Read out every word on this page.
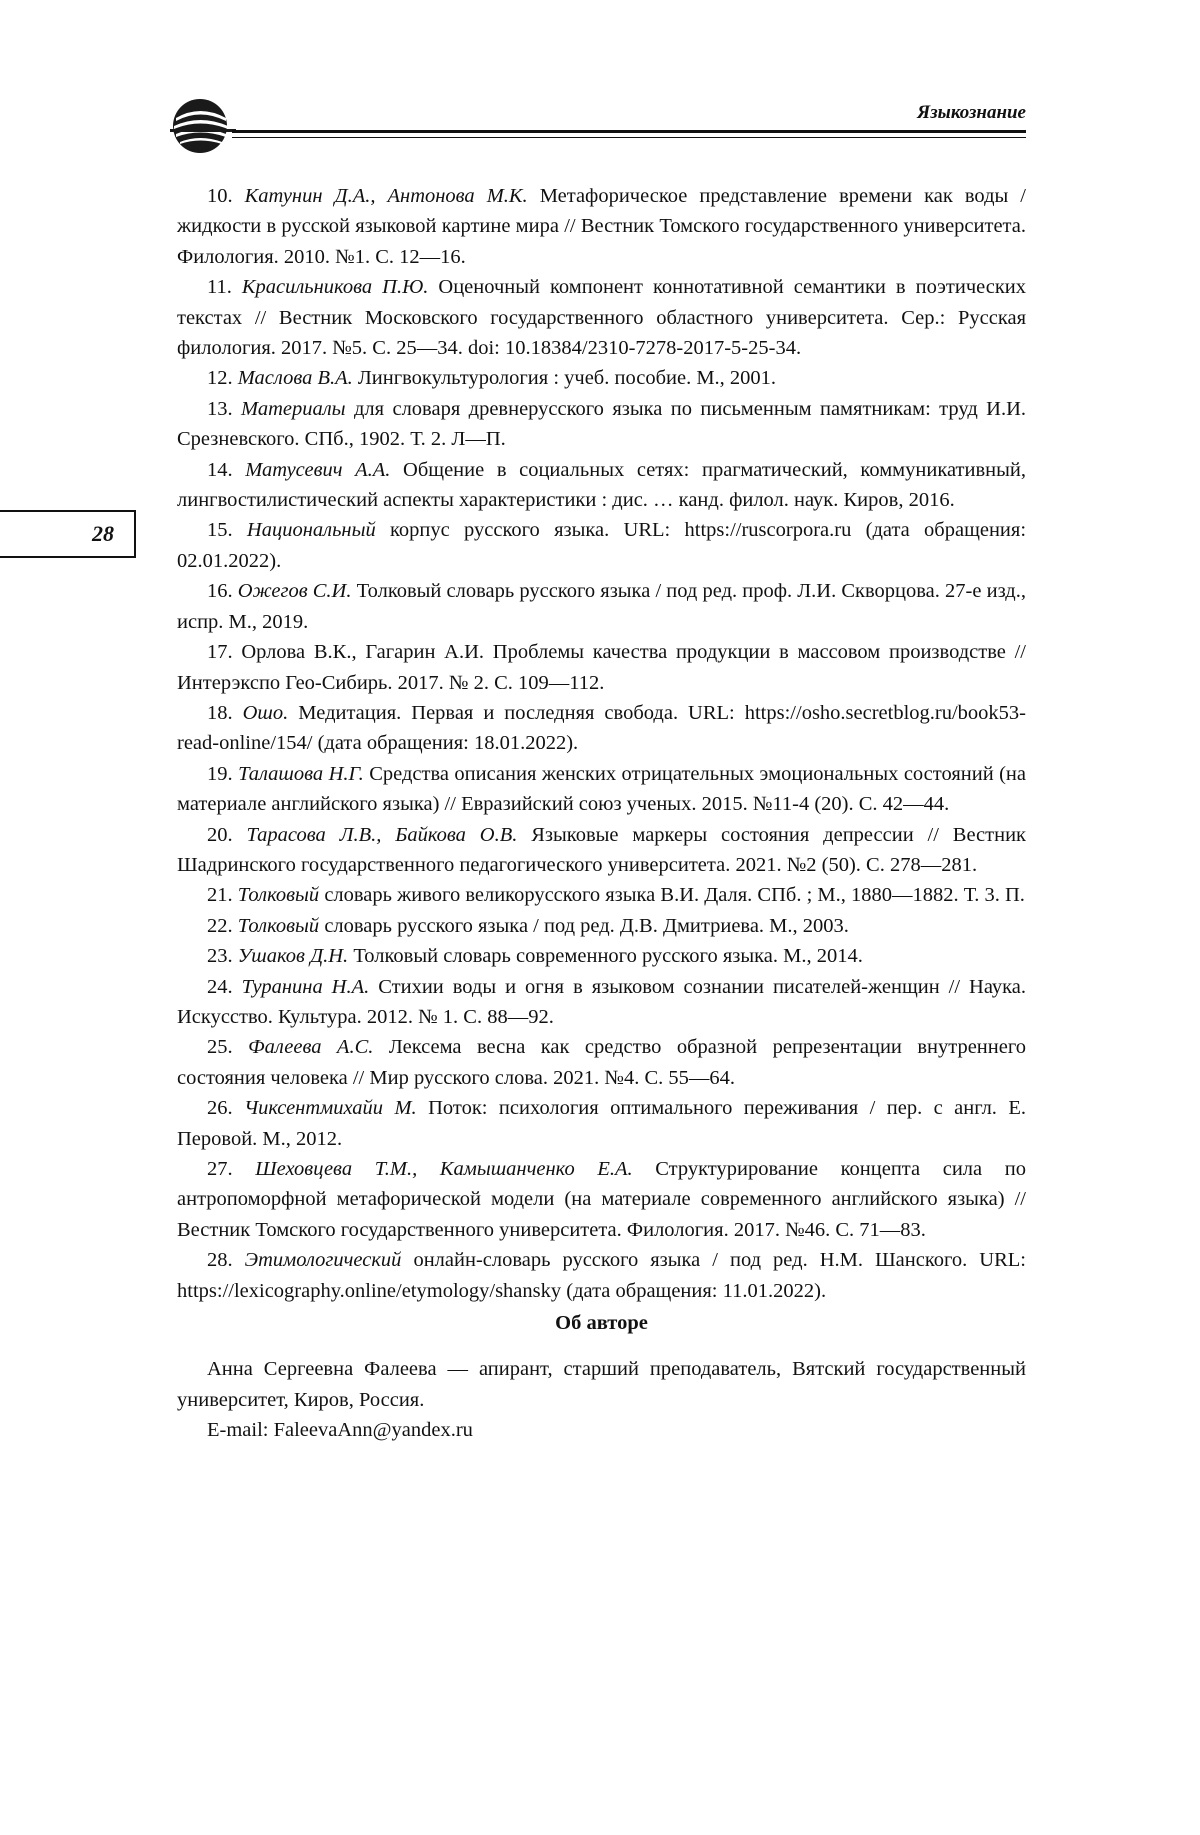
Языкознание
28

10. Катунин Д.А., Антонова М.К. Метафорическое представление времени как воды / жидкости в русской языковой картине мира // Вестник Томского государственного университета. Филология. 2010. №1. С. 12—16.

11. Красильникова П.Ю. Оценочный компонент коннотативной семантики в поэтических текстах // Вестник Московского государственного областного университета. Сер.: Русская филология. 2017. №5. С. 25—34. doi: 10.18384/2310-7278-2017-5-25-34.

12. Маслова В.А. Лингвокультурология : учеб. пособие. М., 2001.

13. Материалы для словаря древнерусского языка по письменным памятникам: труд И.И. Срезневского. СПб., 1902. Т. 2. Л—П.

14. Матусевич А.А. Общение в социальных сетях: прагматический, коммуникативный, лингвостилистический аспекты характеристики : дис. … канд. филол. наук. Киров, 2016.

15. Национальный корпус русского языка. URL: https://ruscorpora.ru (дата обращения: 02.01.2022).

16. Ожегов С.И. Толковый словарь русского языка / под ред. проф. Л.И. Скворцова. 27-е изд., испр. М., 2019.

17. Орлова В.К., Гагарин А.И. Проблемы качества продукции в массовом производстве // Интерэкспо Гео-Сибирь. 2017. № 2. С. 109—112.

18. Ошо. Медитация. Первая и последняя свобода. URL: https://osho.secretblog.ru/book53-read-online/154/ (дата обращения: 18.01.2022).

19. Талашова Н.Г. Средства описания женских отрицательных эмоциональных состояний (на материале английского языка) // Евразийский союз ученых. 2015. №11-4 (20). С. 42—44.

20. Тарасова Л.В., Байкова О.В. Языковые маркеры состояния депрессии // Вестник Шадринского государственного педагогического университета. 2021. №2 (50). С. 278—281.

21. Толковый словарь живого великорусского языка В.И. Даля. СПб. ; М., 1880—1882. Т. 3. П.

22. Толковый словарь русского языка / под ред. Д.В. Дмитриева. М., 2003.

23. Ушаков Д.Н. Толковый словарь современного русского языка. М., 2014.

24. Туранина Н.А. Стихии воды и огня в языковом сознании писателей-женщин // Наука. Искусство. Культура. 2012. № 1. С. 88—92.

25. Фалеева А.С. Лексема весна как средство образной репрезентации внутреннего состояния человека // Мир русского слова. 2021. №4. С. 55—64.

26. Чиксентмихайи М. Поток: психология оптимального переживания / пер. с англ. Е. Перовой. М., 2012.

27. Шеховцева Т.М., Камышанченко Е.А. Структурирование концепта сила по антропоморфной метафорической модели (на материале современного английского языка) // Вестник Томского государственного университета. Филология. 2017. №46. С. 71—83.

28. Этимологический онлайн-словарь русского языка / под ред. Н.М. Шанского. URL: https://lexicography.online/etymology/shansky (дата обращения: 11.01.2022).

Об авторе

Анна Сергеевна Фалеева — апирант, старший преподаватель, Вятский государственный университет, Киров, Россия.

E-mail: FaleevaAnn@yandex.ru
